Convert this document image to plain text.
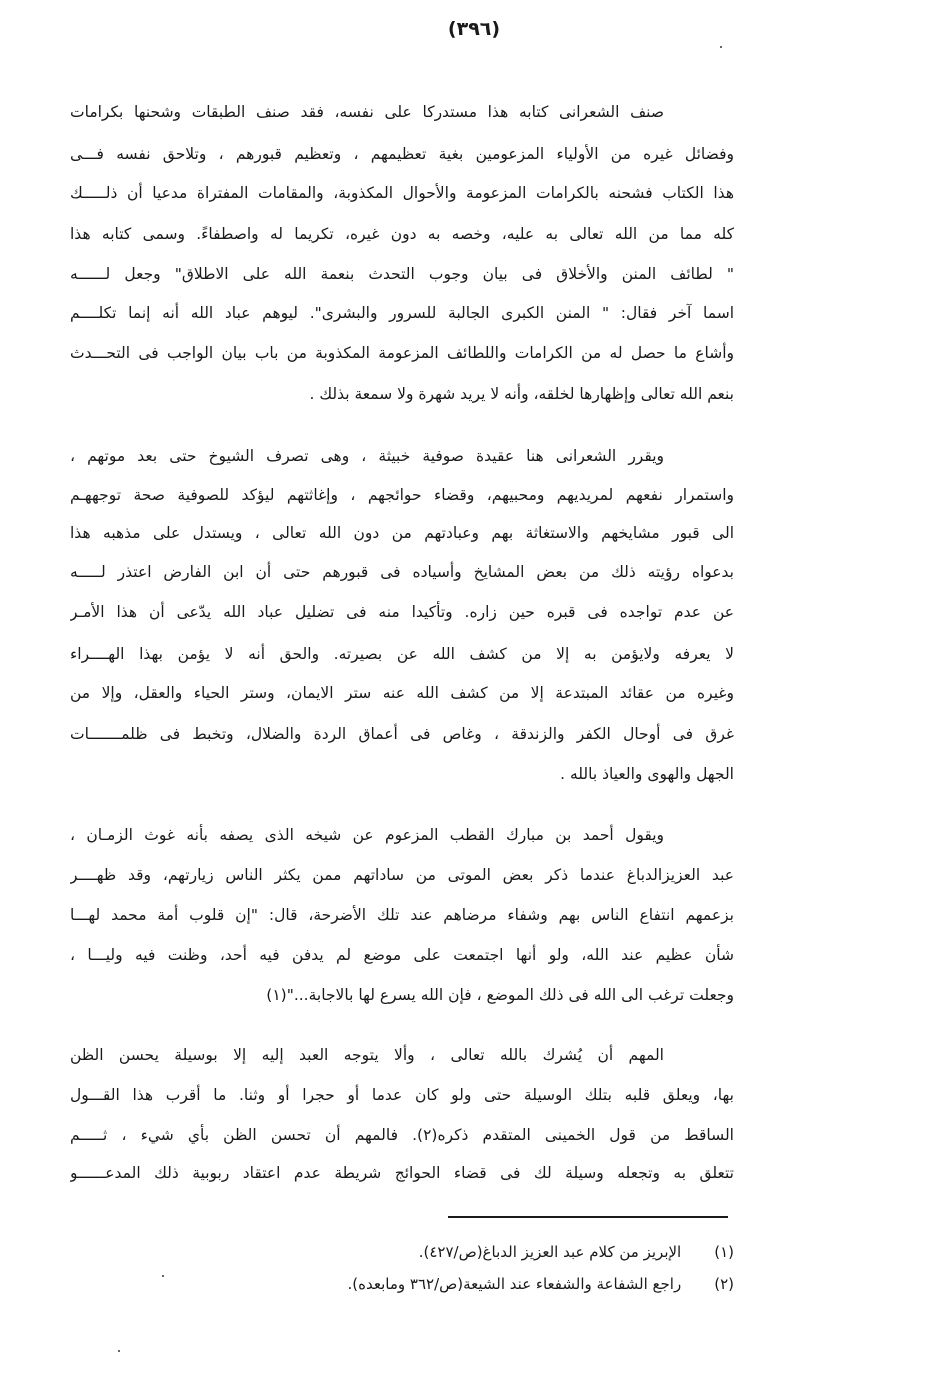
(٣٩٦)
صنف الشعرانى كتابه هذا مستدركا على نفسه، فقد صنف الطبقات وشحنها بكرامات
وفضائل غيره من الأولياء المزعومين بغية تعظيمهم ، وتعظيم قبورهم ، وتلاحق نفسه فـــى
هذا الكتاب فشحنه بالكرامات المزعومة والأحوال المكذوبة، والمقامات المفتراة مدعيا أن ذلـــــك
كله مما من الله تعالى به عليه، وخصه به دون غيره، تكريما له واصطفاءً. وسمى كتابه هذا
" لطائف المنن والأخلاق فى بيان وجوب التحدث بنعمة الله على الاطلاق" وجعل لــــــه
اسما آخر فقال: " المنن الكبرى الجالبة للسرور والبشرى". ليوهم عباد الله أنه إنما تكلــــم
وأشاع ما حصل له من الكرامات واللطائف المزعومة المكذوبة من باب بيان الواجب فى التحـــدث
بنعم الله تعالى وإظهارها لخلقه، وأنه لا يريد شهرة ولا سمعة بذلك .
ويقرر الشعرانى هنا عقيدة صوفية خبيثة ، وهى تصرف الشيوخ حتى بعد موتهم ،
واستمرار نفعهم لمريديهم ومحبيهم، وقضاء حوائجهم ، وإغاثتهم ليؤكد للصوفية صحة توجههـم
الى قبور مشايخهم والاستغاثة بهم وعبادتهم من دون الله تعالى ، ويستدل على مذهبه هذا
بدعواه رؤيته ذلك من بعض المشايخ وأسياده فى قبورهم حتى أن ابن الفارض اعتذر لـــــه
عن عدم تواجده فى قبره حين زاره. وتأكيدا منه فى تضليل عباد الله يدّعى أن هذا الأمـر
لا يعرفه ولايؤمن به إلا من كشف الله عن بصيرته. والحق أنه لا يؤمن بهذا الهــــراء
وغيره من عقائد المبتدعة إلا من كشف الله عنه ستر الايمان، وستر الحياء والعقل، وإلا من
غرق فى أوحال الكفر والزندقة ، وغاص فى أعماق الردة والضلال، وتخبط فى ظلمـــــــات
الجهل والهوى والعياذ بالله .
ويقول أحمد بن مبارك القطب المزعوم عن شيخه الذى يصفه بأنه غوث الزمـان ،
عبد العزيزالدباغ عندما ذكر بعض الموتى من ساداتهم ممن يكثر الناس زيارتهم، وقد ظهــــر
بزعمهم انتفاع الناس بهم وشفاء مرضاهم عند تلك الأضرحة، قال: "إن قلوب أمة محمد لهـــا
شأن عظيم عند الله، ولو أنها اجتمعت على موضع لم يدفن فيه أحد، وظنت فيه وليـــا ،
وجعلت ترغب الى الله فى ذلك الموضع ، فإن الله يسرع لها بالاجابة..."(١)
المهم أن يُشرك بالله تعالى ، وألا يتوجه العبد إليه إلا بوسيلة يحسن الظن
بها، ويعلق قلبه بتلك الوسيلة حتى ولو كان عدما أو حجرا أو وثنا. ما أقرب هذا القـــول
الساقط من قول الخمينى المتقدم ذكره(٢). فالمهم أن تحسن الظن بأي شيء ، ثـــــم
تتعلق به وتجعله وسيلة لك فى قضاء الحوائج شريطة عدم اعتقاد ربوبية ذلك المدعــــــو
(١) الإبريز من كلام عبد العزيز الدباغ(ص/٤٢٧).
(٢) راجع الشفاعة والشفعاء عند الشيعة(ص/٣٦٢ ومابعده).
